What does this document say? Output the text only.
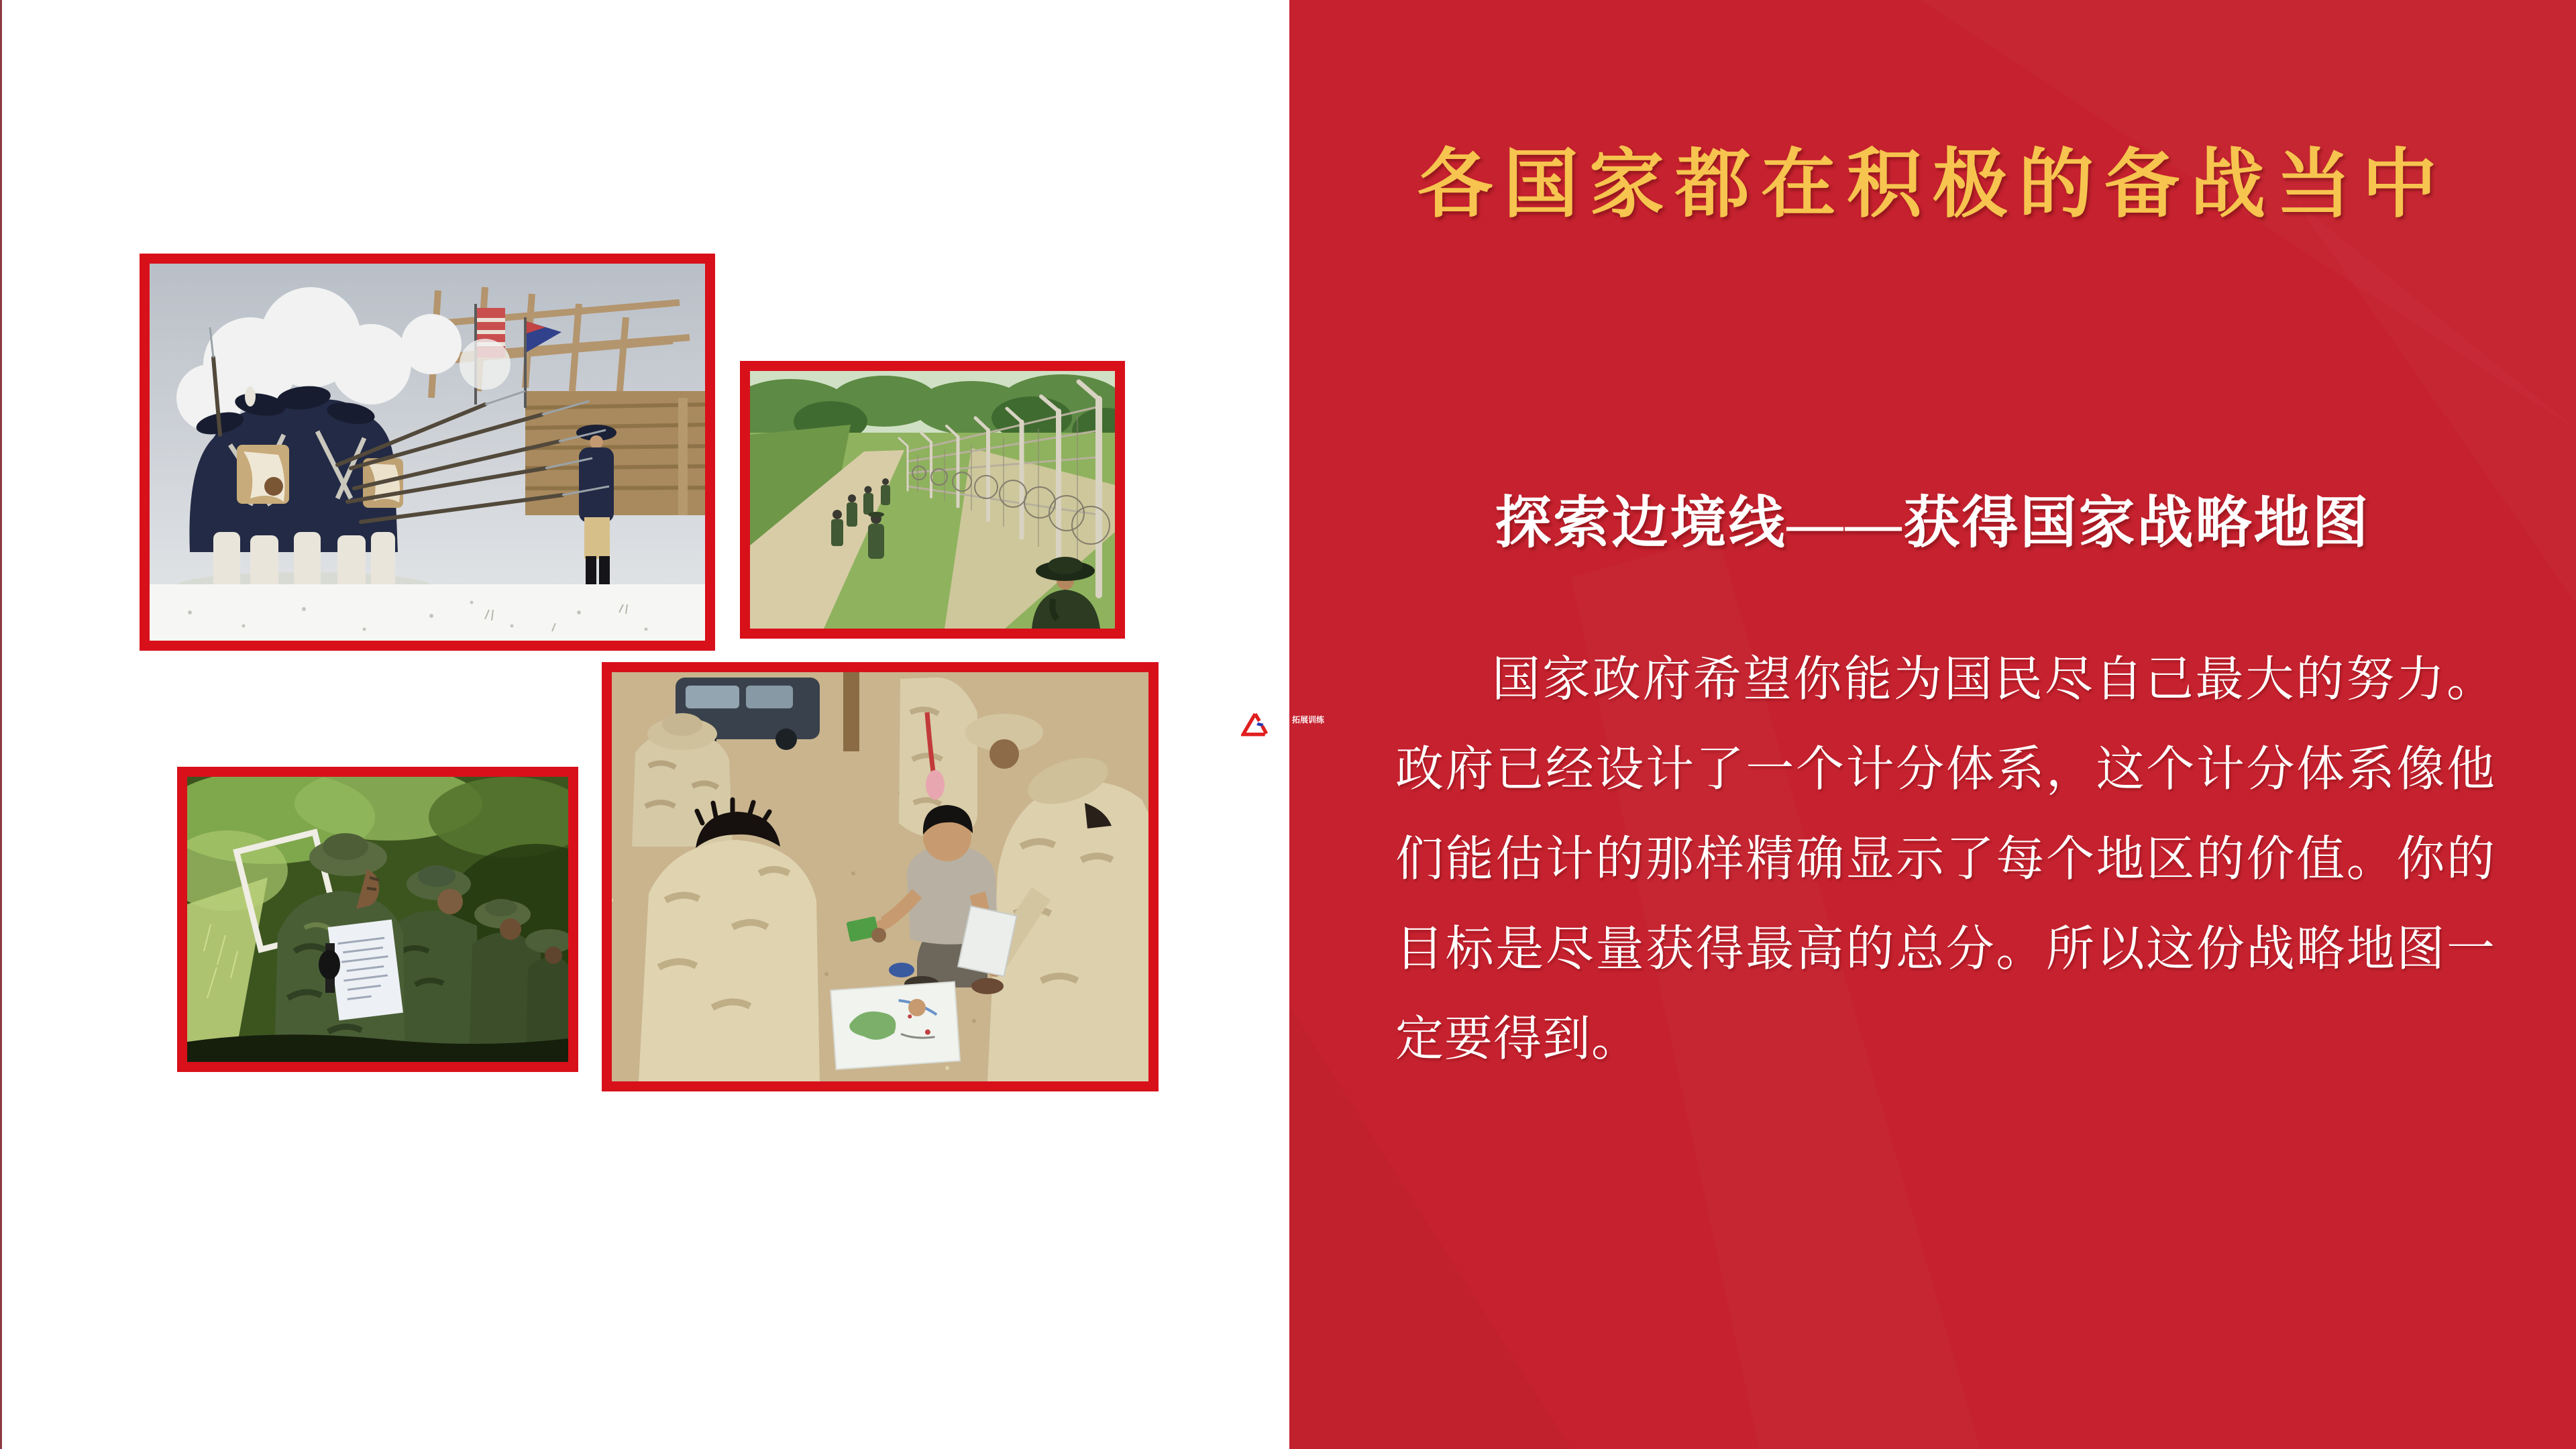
各国家都在积极的备战当中
探索边境线——获得国家战略地图

国家政府希望你能为国民尽自己最大的努力。政府已经设计了一个计分体系，这个计分体系像他们能估计的那样精确显示了每个地区的价值。你的目标是尽量获得最高的总分。所以这份战略地图一定要得到。

拓展训练
